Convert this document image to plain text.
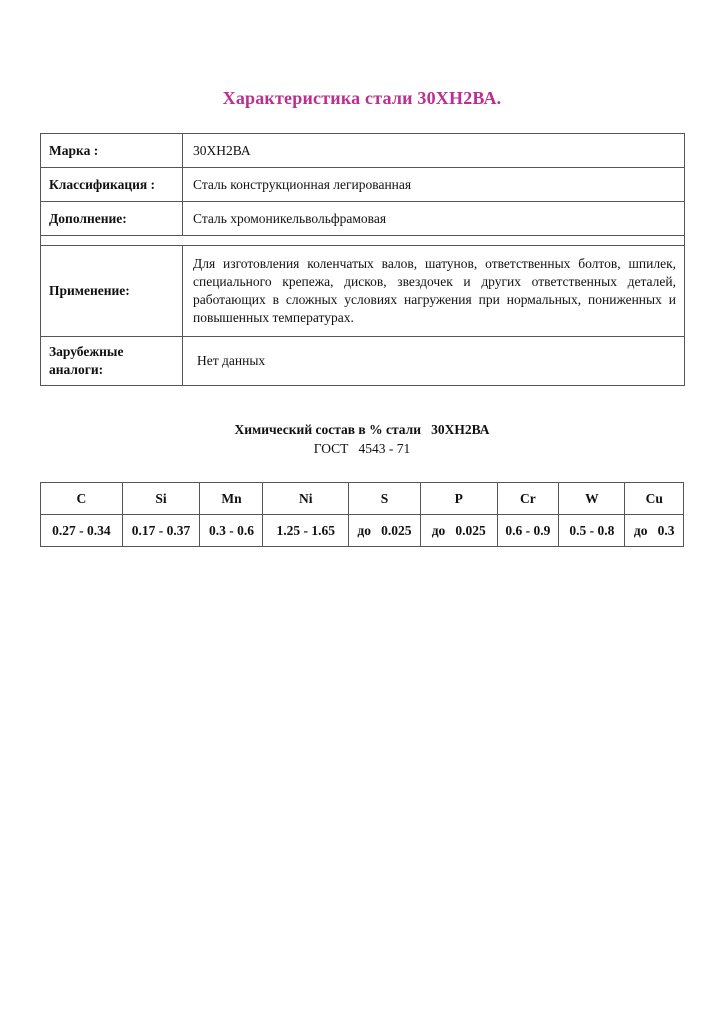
Характеристика стали 30ХН2ВА.
Марка :	30ХН2ВА
Классификация :	Сталь конструкционная легированная
Дополнение:	Сталь хромоникельвольфрамовая

Применение:	Для изготовления коленчатых валов, шатунов, ответственных болтов, шпилек, специального крепежа, дисков, звездочек и других ответственных деталей, работающих в сложных условиях нагружения при нормальных, пониженных и повышенных температурах.
Зарубежные аналоги:	Нет данных
Химический состав в % стали   30ХН2ВА
ГОСТ   4543 - 71
C	Si	Mn	Ni	S	P	Cr	W	Cu
0.27 - 0.34	0.17 - 0.37	0.3 - 0.6	1.25 - 1.65	до   0.025	до   0.025	0.6 - 0.9	0.5 - 0.8	до   0.3
